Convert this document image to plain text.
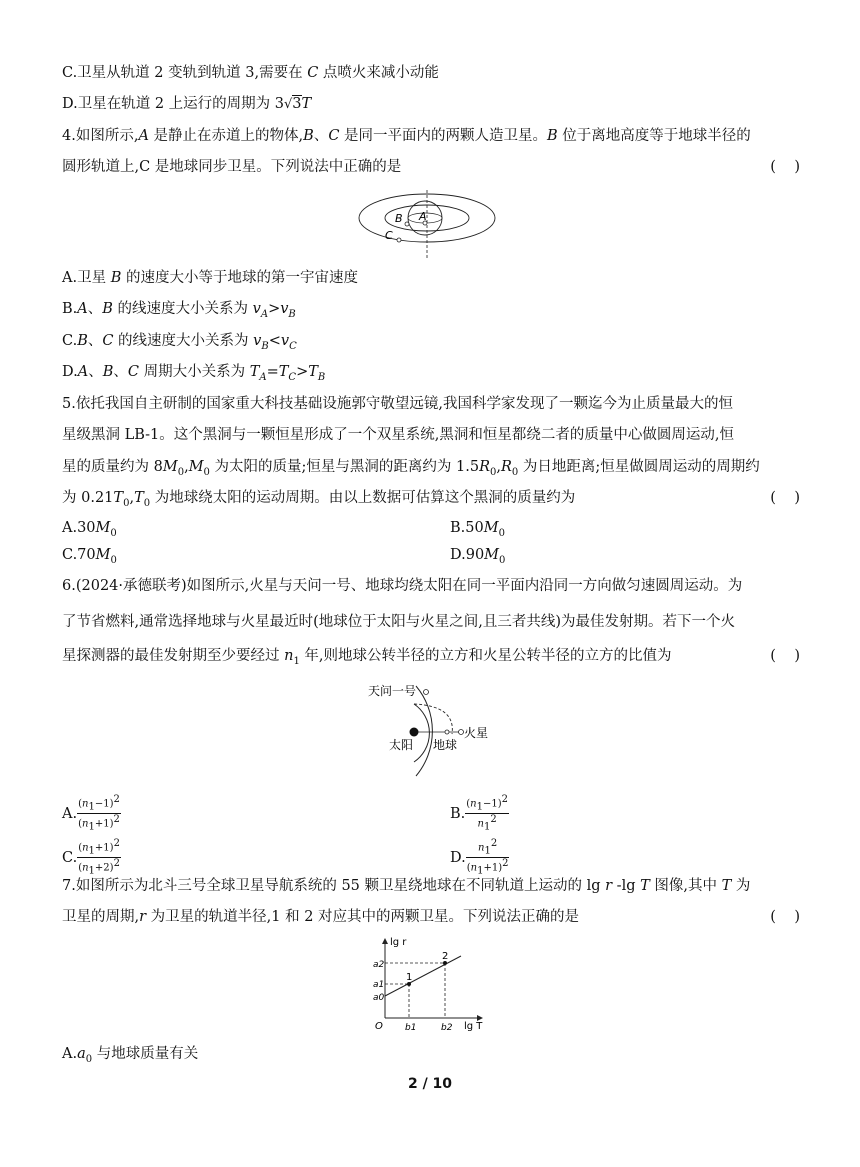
C.卫星从轨道 2 变轨到轨道 3,需要在 C 点喷火来减小动能
D.卫星在轨道 2 上运行的周期为 3√3T
4.如图所示,A 是静止在赤道上的物体,B、C 是同一平面内的两颗人造卫星。B 位于离地高度等于地球半径的
圆形轨道上,C 是地球同步卫星。下列说法中正确的是	(    )
A
B
C
A.卫星 B 的速度大小等于地球的第一宇宙速度
B.A、B 的线速度大小关系为 $v_A>v_B$
C.B、C 的线速度大小关系为 $v_B<v_C$
D.A、B、C 周期大小关系为 $T_A=T_C>T_B$
5.依托我国自主研制的国家重大科技基础设施郭守敬望远镜,我国科学家发现了一颗迄今为止质量最大的恒
星级黑洞 LB-1。这个黑洞与一颗恒星形成了一个双星系统,黑洞和恒星都绕二者的质量中心做圆周运动,恒
星的质量约为 $8M_0,M_0$ 为太阳的质量;恒星与黑洞的距离约为 $1.5R_0,R_0$ 为日地距离;恒星做圆周运动的周期约
为 $0.21T_0,T_0$ 为地球绕太阳的运动周期。由以上数据可估算这个黑洞的质量约为	(    )
$A.30M_0$	$B.50M_0$
$C.70M_0$	$D.90M_0$
6.(2024·承德联考)如图所示,火星与天问一号、地球均绕太阳在同一平面内沿同一方向做匀速圆周运动。为
了节省燃料,通常选择地球与火星最近时(地球位于太阳与火星之间,且三者共线)为最佳发射期。若下一个火
星探测器的最佳发射期至少要经过 $n_1$ 年,则地球公转半径的立方和火星公转半径的立方的比值为	(    )
天问一号
太阳 地球
火星
A. $\frac{(n_1-1)^2}{(n_1+1)^2}$	B. $\frac{(n_1-1)^2}{n_1^2}$
C. $\frac{(n_1+1)^2}{(n_1+2)^2}$	D. $\frac{n_1^2}{(n_1+1)^2}$
7.如图所示为北斗三号全球卫星导航系统的 55 颗卫星绕地球在不同轨道上运动的 lg r -lg T 图像,其中 T 为
卫星的周期,r 为卫星的轨道半径,1 和 2 对应其中的两颗卫星。下列说法正确的是	(    )
lg r
lg T
O
a2
a1
a0
b1	b2
1
2
$A.a_0$ 与地球质量有关
2 / 10
